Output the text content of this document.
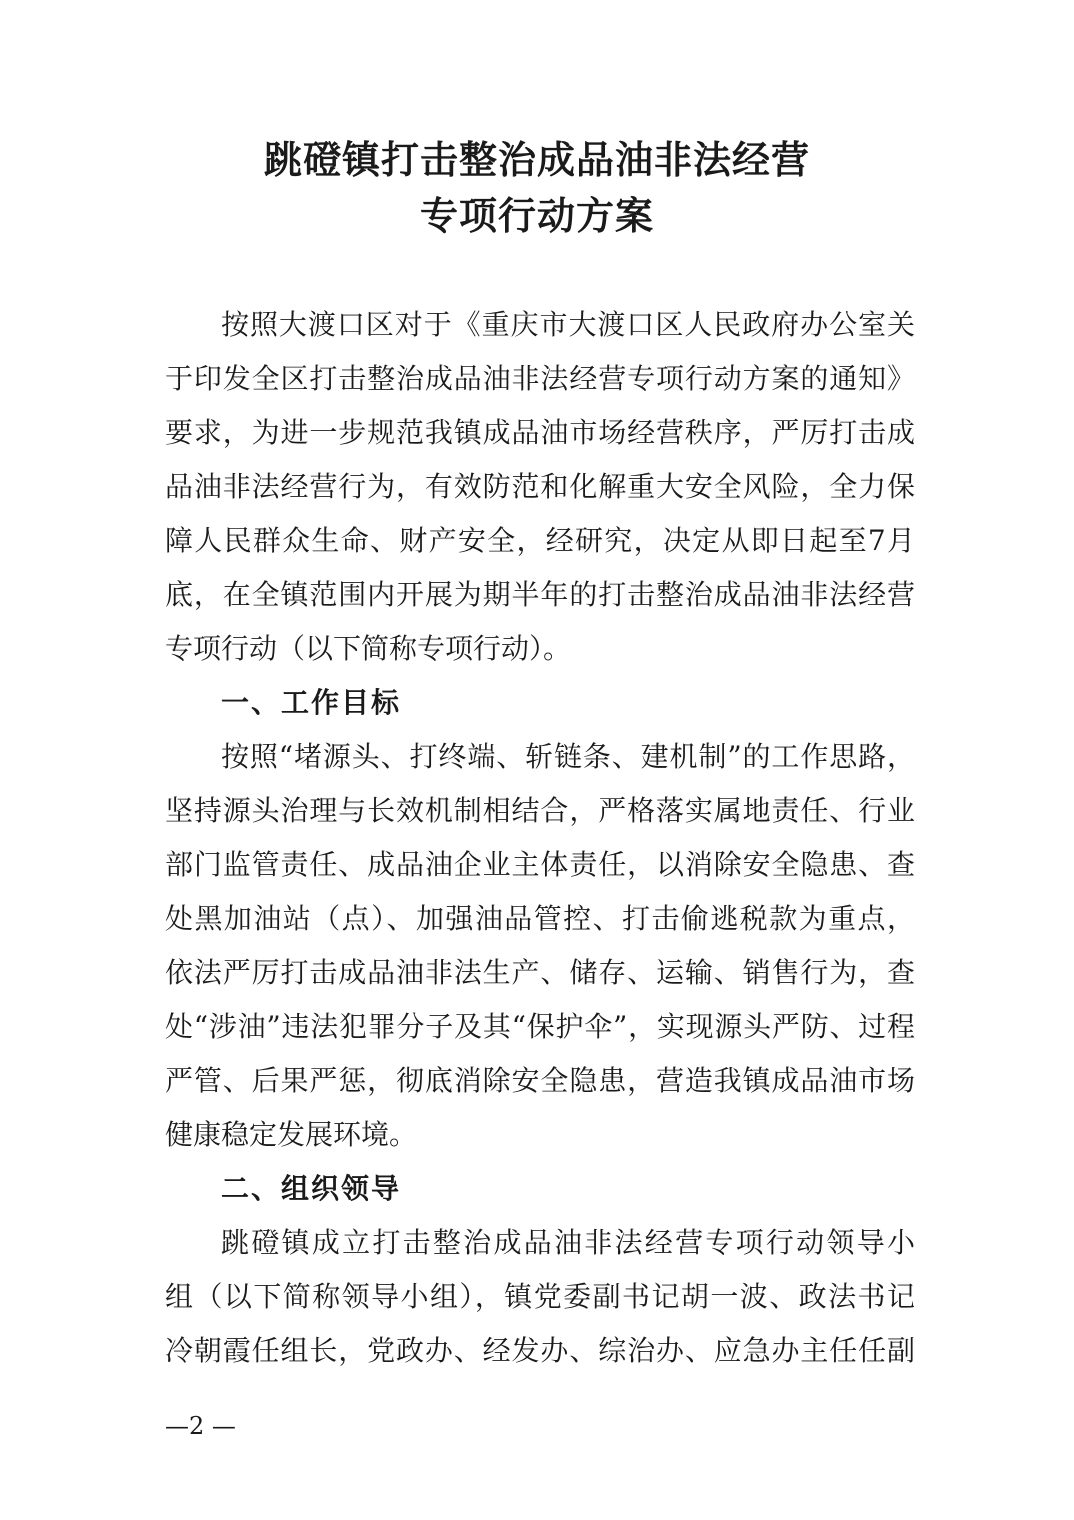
跳磴镇打击整治成品油非法经营
专项行动方案
按照大渡口区对于《重庆市大渡口区人民政府办公室关
于印发全区打击整治成品油非法经营专项行动方案的通知》
要求，为进一步规范我镇成品油市场经营秩序，严厉打击成
品油非法经营行为，有效防范和化解重大安全风险，全力保
障人民群众生命、财产安全，经研究，决定从即日起至7月
底，在全镇范围内开展为期半年的打击整治成品油非法经营
专项行动（以下简称专项行动）。
一、工作目标
按照“堵源头、打终端、斩链条、建机制”的工作思路，
坚持源头治理与长效机制相结合，严格落实属地责任、行业
部门监管责任、成品油企业主体责任，以消除安全隐患、查
处黑加油站（点）、加强油品管控、打击偷逃税款为重点，
依法严厉打击成品油非法生产、储存、运输、销售行为，查
处“涉油”违法犯罪分子及其“保护伞”，实现源头严防、过程
严管、后果严惩，彻底消除安全隐患，营造我镇成品油市场
健康稳定发展环境。
二、组织领导
跳磴镇成立打击整治成品油非法经营专项行动领导小
组（以下简称领导小组），镇党委副书记胡一波、政法书记
冷朝霞任组长，党政办、经发办、综治办、应急办主任任副
—2 —
